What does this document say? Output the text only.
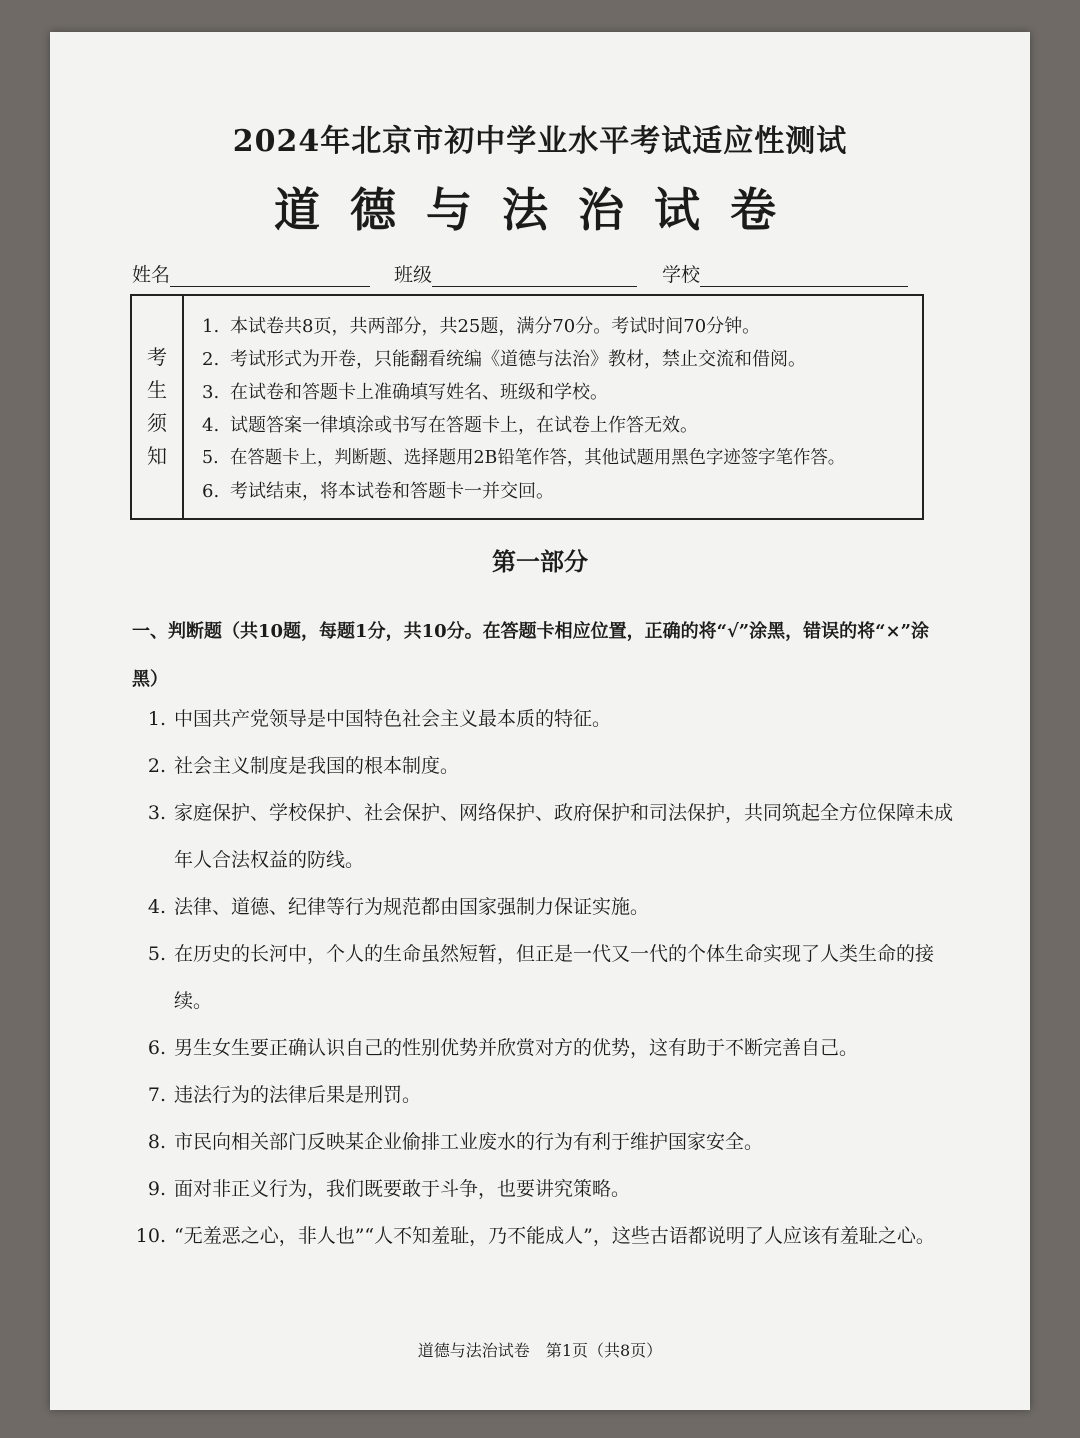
2024年北京市初中学业水平考试适应性测试
道德与法治试卷
姓名	班级	学校
考
生
须
知
1. 本试卷共8页，共两部分，共25题，满分70分。考试时间70分钟。
2. 考试形式为开卷，只能翻看统编《道德与法治》教材，禁止交流和借阅。
3. 在试卷和答题卡上准确填写姓名、班级和学校。
4. 试题答案一律填涂或书写在答题卡上，在试卷上作答无效。
5. 在答题卡上，判断题、选择题用2B铅笔作答，其他试题用黑色字迹签字笔作答。
6. 考试结束，将本试卷和答题卡一并交回。
第一部分
一、判断题（共10题，每题1分，共10分。在答题卡相应位置，正确的将“√”涂黑，错误的将“×”涂黑）
1. 中国共产党领导是中国特色社会主义最本质的特征。
2. 社会主义制度是我国的根本制度。
3. 家庭保护、学校保护、社会保护、网络保护、政府保护和司法保护，共同筑起全方位保障未成年人合法权益的防线。
4. 法律、道德、纪律等行为规范都由国家强制力保证实施。
5. 在历史的长河中，个人的生命虽然短暂，但正是一代又一代的个体生命实现了人类生命的接续。
6. 男生女生要正确认识自己的性别优势并欣赏对方的优势，这有助于不断完善自己。
7. 违法行为的法律后果是刑罚。
8. 市民向相关部门反映某企业偷排工业废水的行为有利于维护国家安全。
9. 面对非正义行为，我们既要敢于斗争，也要讲究策略。
10. “无羞恶之心，非人也”“人不知羞耻，乃不能成人”，这些古语都说明了人应该有羞耻之心。
道德与法治试卷 第1页（共8页）
